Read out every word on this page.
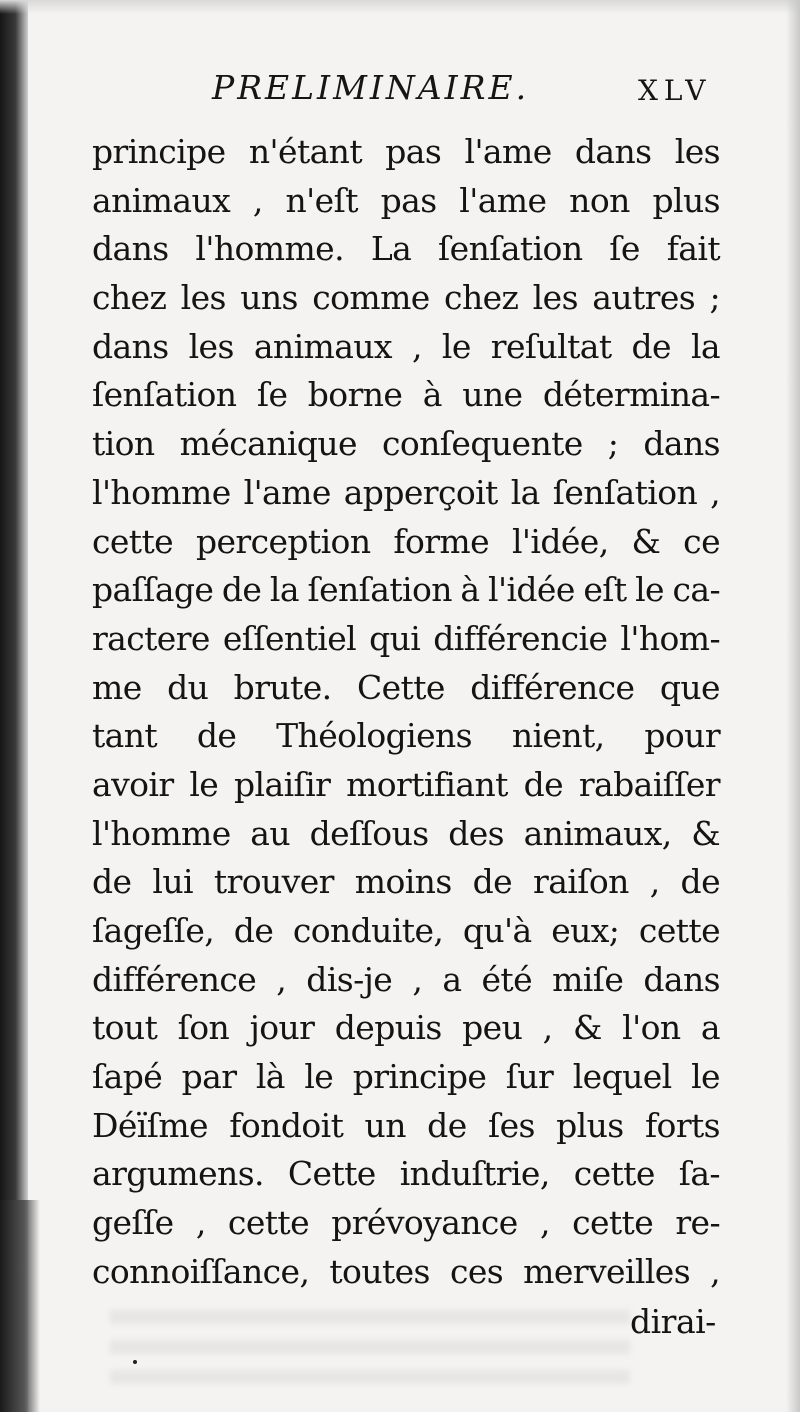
PRELIMINAIRE.	XLV
principe n'étant pas l'ame dans les
animaux , n'eſt pas l'ame non plus
dans l'homme. La ſenſation ſe fait
chez les uns comme chez les autres ;
dans les animaux , le reſultat de la
ſenſation ſe borne à une détermina-
tion mécanique conſequente ; dans
l'homme l'ame apperçoit la ſenſation ,
cette perception forme l'idée, & ce
paſſage de la ſenſation à l'idée eſt le ca-
ractere eſſentiel qui différencie l'hom-
me du brute. Cette différence que
tant de Théologiens nient, pour
avoir le plaiſir mortifiant de rabaiſſer
l'homme au deſſous des animaux, &
de lui trouver moins de raiſon , de
ſageſſe, de conduite, qu'à eux; cette
différence , dis-je , a été miſe dans
tout ſon jour depuis peu , & l'on a
ſapé par là le principe ſur lequel le
Déïſme fondoit un de ſes plus forts
argumens. Cette induſtrie, cette ſa-
geſſe , cette prévoyance , cette re-
connoiſſance, toutes ces merveilles ,
dirai-
